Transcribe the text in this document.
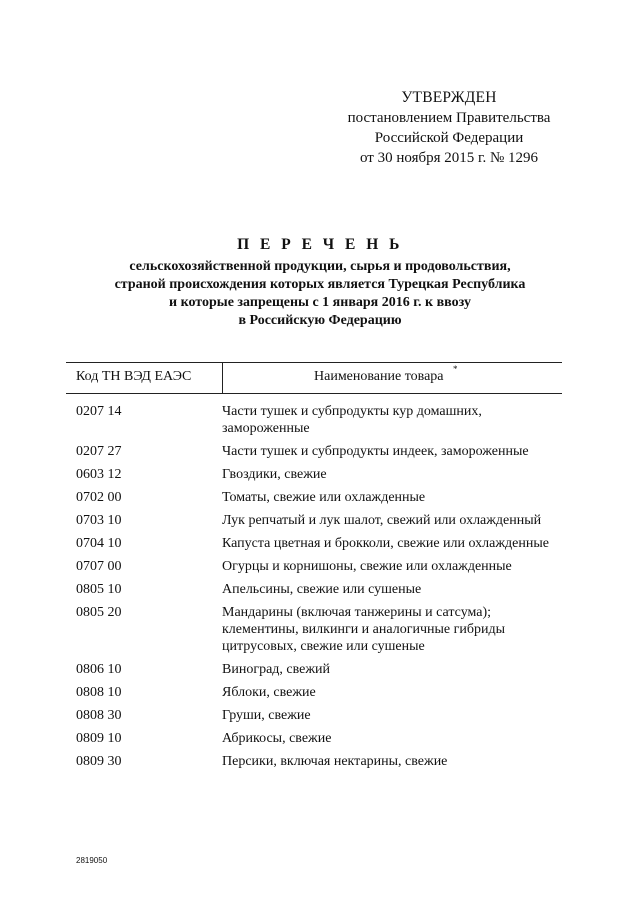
УТВЕРЖДЕН
постановлением Правительства
Российской Федерации
от 30 ноября 2015 г. № 1296
П Е Р Е Ч Е Н Ь
сельскохозяйственной продукции, сырья и продовольствия,
страной происхождения которых является Турецкая Республика
и которые запрещены с 1 января 2016 г. к ввозу
в Российскую Федерацию
Код ТН ВЭД ЕАЭС	Наименование товара *
0207 14	Части тушек и субпродукты кур домашних, замороженные
0207 27	Части тушек и субпродукты индеек, замороженные
0603 12	Гвоздики, свежие
0702 00	Томаты, свежие или охлажденные
0703 10	Лук репчатый и лук шалот, свежий или охлажденный
0704 10	Капуста цветная и брокколи, свежие или охлажденные
0707 00	Огурцы и корнишоны, свежие или охлажденные
0805 10	Апельсины, свежие или сушеные
0805 20	Мандарины (включая танжерины и сатсума); клементины, вилкинги и аналогичные гибриды цитрусовых, свежие или сушеные
0806 10	Виноград, свежий
0808 10	Яблоки, свежие
0808 30	Груши, свежие
0809 10	Абрикосы, свежие
0809 30	Персики, включая нектарины, свежие
2819050
